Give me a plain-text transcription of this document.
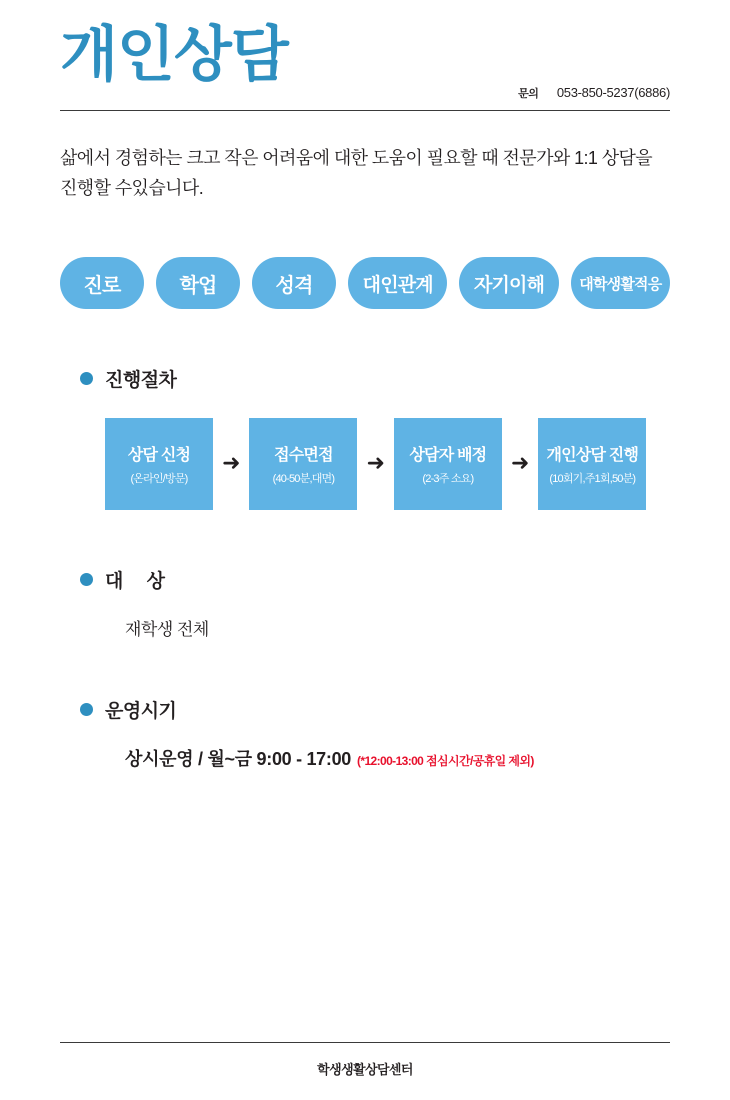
개인상담
문의 053-850-5237(6886)

삶에서 경험하는 크고 작은 어려움에 대한 도움이 필요할 때 전문가와 1:1 상담을 진행할 수있습니다.

진로	학업	성격	대인관계	자기이해	대학생활적응
진행절차
상담 신청
(온라인/방문)
➜ 접수면접
(40-50분,대면)
➜ 상담자 배정
(2-3주 소요)
➜ 개인상담 진행
(10회기,주1회,50분)
대 상
재학생 전체
운영시기
상시운영 / 월~금 9:00 - 17:00 (*12:00-13:00 점심시간/공휴일 제외)
학생생활상담센터
